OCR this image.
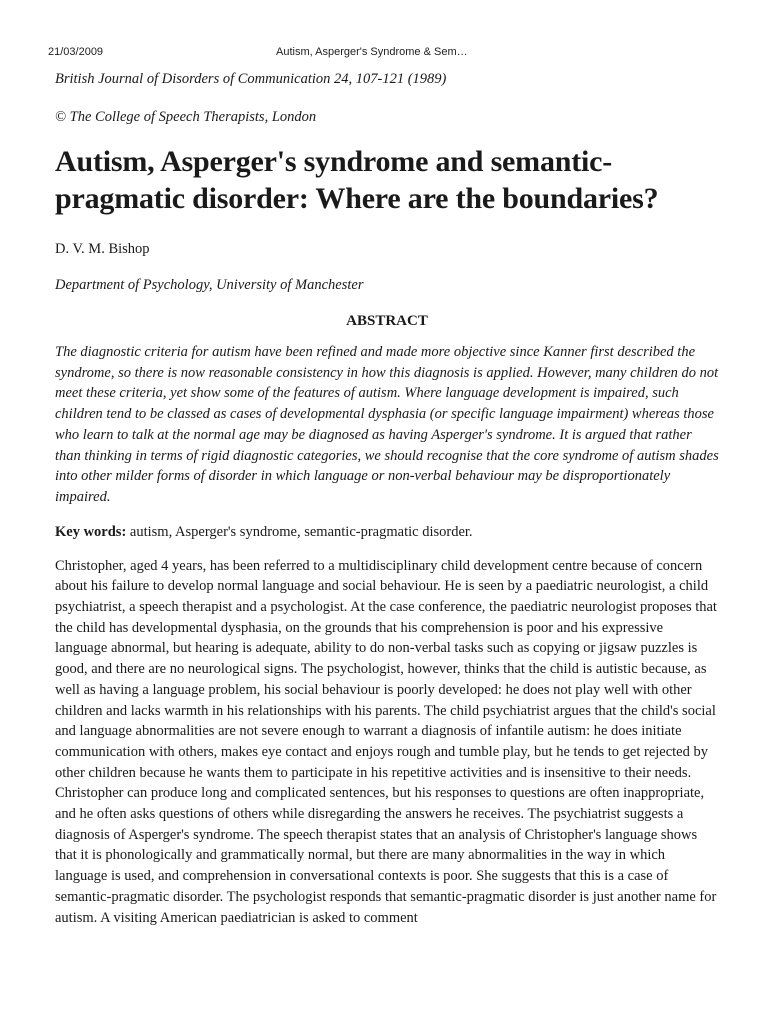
21/03/2009	Autism, Asperger's Syndrome & Sem…

British Journal of Disorders of Communication 24, 107-121 (1989)

© The College of Speech Therapists, London

Autism, Asperger's syndrome and semantic-pragmatic disorder: Where are the boundaries?

D. V. M. Bishop

Department of Psychology, University of Manchester

ABSTRACT

The diagnostic criteria for autism have been refined and made more objective since Kanner first described the syndrome, so there is now reasonable consistency in how this diagnosis is applied. However, many children do not meet these criteria, yet show some of the features of autism. Where language development is impaired, such children tend to be classed as cases of developmental dysphasia (or specific language impairment) whereas those who learn to talk at the normal age may be diagnosed as having Asperger's syndrome. It is argued that rather than thinking in terms of rigid diagnostic categories, we should recognise that the core syndrome of autism shades into other milder forms of disorder in which language or non-verbal behaviour may be disproportionately impaired.

Key words: autism, Asperger's syndrome, semantic-pragmatic disorder.

Christopher, aged 4 years, has been referred to a multidisciplinary child development centre because of concern about his failure to develop normal language and social behaviour. He is seen by a paediatric neurologist, a child psychiatrist, a speech therapist and a psychologist. At the case conference, the paediatric neurologist proposes that the child has developmental dysphasia, on the grounds that his comprehension is poor and his expressive language abnormal, but hearing is adequate, ability to do non-verbal tasks such as copying or jigsaw puzzles is good, and there are no neurological signs. The psychologist, however, thinks that the child is autistic because, as well as having a language problem, his social behaviour is poorly developed: he does not play well with other children and lacks warmth in his relationships with his parents. The child psychiatrist argues that the child's social and language abnormalities are not severe enough to warrant a diagnosis of infantile autism: he does initiate communication with others, makes eye contact and enjoys rough and tumble play, but he tends to get rejected by other children because he wants them to participate in his repetitive activities and is insensitive to their needs. Christopher can produce long and complicated sentences, but his responses to questions are often inappropriate, and he often asks questions of others while disregarding the answers he receives. The psychiatrist suggests a diagnosis of Asperger's syndrome. The speech therapist states that an analysis of Christopher's language shows that it is phonologically and grammatically normal, but there are many abnormalities in the way in which language is used, and comprehension in conversational contexts is poor. She suggests that this is a case of semantic-pragmatic disorder. The psychologist responds that semantic-pragmatic disorder is just another name for autism. A visiting American paediatrician is asked to comment
